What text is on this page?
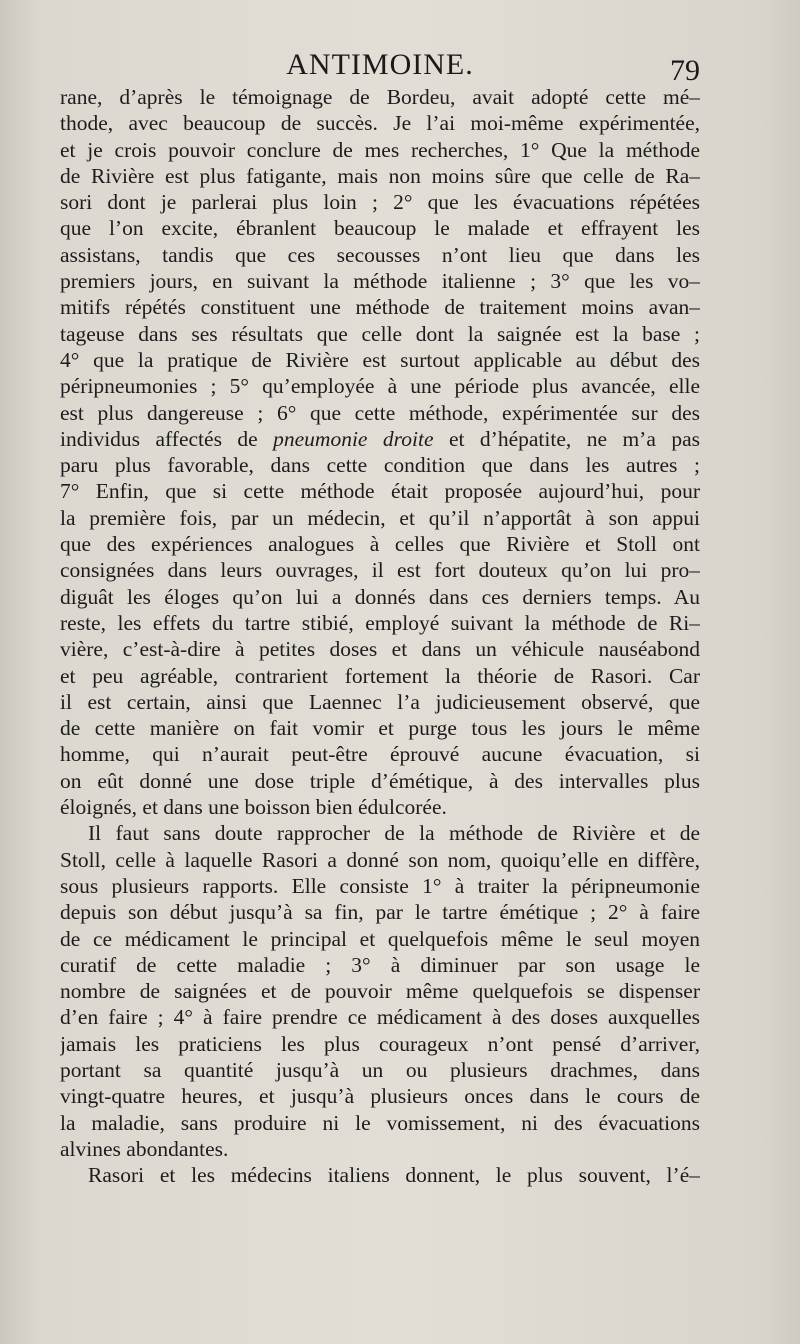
ANTIMOINE.	79
rane, d’après le témoignage de Bordeu, avait adopté cette mé–
thode, avec beaucoup de succès. Je l’ai moi-même expérimentée,
et je crois pouvoir conclure de mes recherches, 1° Que la méthode
de Rivière est plus fatigante, mais non moins sûre que celle de Ra–
sori dont je parlerai plus loin ; 2° que les évacuations répétées
que l’on excite, ébranlent beaucoup le malade et effrayent les
assistans, tandis que ces secousses n’ont lieu que dans les
premiers jours, en suivant la méthode italienne ; 3° que les vo–
mitifs répétés constituent une méthode de traitement moins avan–
tageuse dans ses résultats que celle dont la saignée est la base ;
4° que la pratique de Rivière est surtout applicable au début des
péripneumonies ; 5° qu’employée à une période plus avancée, elle
est plus dangereuse ; 6° que cette méthode, expérimentée sur des
individus affectés de pneumonie droite et d’hépatite, ne m’a pas
paru plus favorable, dans cette condition que dans les autres ;
7° Enfin, que si cette méthode était proposée aujourd’hui, pour
la première fois, par un médecin, et qu’il n’apportât à son appui
que des expériences analogues à celles que Rivière et Stoll ont
consignées dans leurs ouvrages, il est fort douteux qu’on lui pro–
diguât les éloges qu’on lui a donnés dans ces derniers temps. Au
reste, les effets du tartre stibié, employé suivant la méthode de Ri–
vière, c’est-à-dire à petites doses et dans un véhicule nauséabond
et peu agréable, contrarient fortement la théorie de Rasori. Car
il est certain, ainsi que Laennec l’a judicieusement observé, que
de cette manière on fait vomir et purge tous les jours le même
homme, qui n’aurait peut-être éprouvé aucune évacuation, si
on eût donné une dose triple d’émétique, à des intervalles plus
éloignés, et dans une boisson bien édulcorée.
Il faut sans doute rapprocher de la méthode de Rivière et de
Stoll, celle à laquelle Rasori a donné son nom, quoiqu’elle en diffère,
sous plusieurs rapports. Elle consiste 1° à traiter la péripneumonie
depuis son début jusqu’à sa fin, par le tartre émétique ; 2° à faire
de ce médicament le principal et quelquefois même le seul moyen
curatif de cette maladie ; 3° à diminuer par son usage le
nombre de saignées et de pouvoir même quelquefois se dispenser
d’en faire ; 4° à faire prendre ce médicament à des doses auxquelles
jamais les praticiens les plus courageux n’ont pensé d’arriver,
portant sa quantité jusqu’à un ou plusieurs drachmes, dans
vingt-quatre heures, et jusqu’à plusieurs onces dans le cours de
la maladie, sans produire ni le vomissement, ni des évacuations
alvines abondantes.
Rasori et les médecins italiens donnent, le plus souvent, l’é–
